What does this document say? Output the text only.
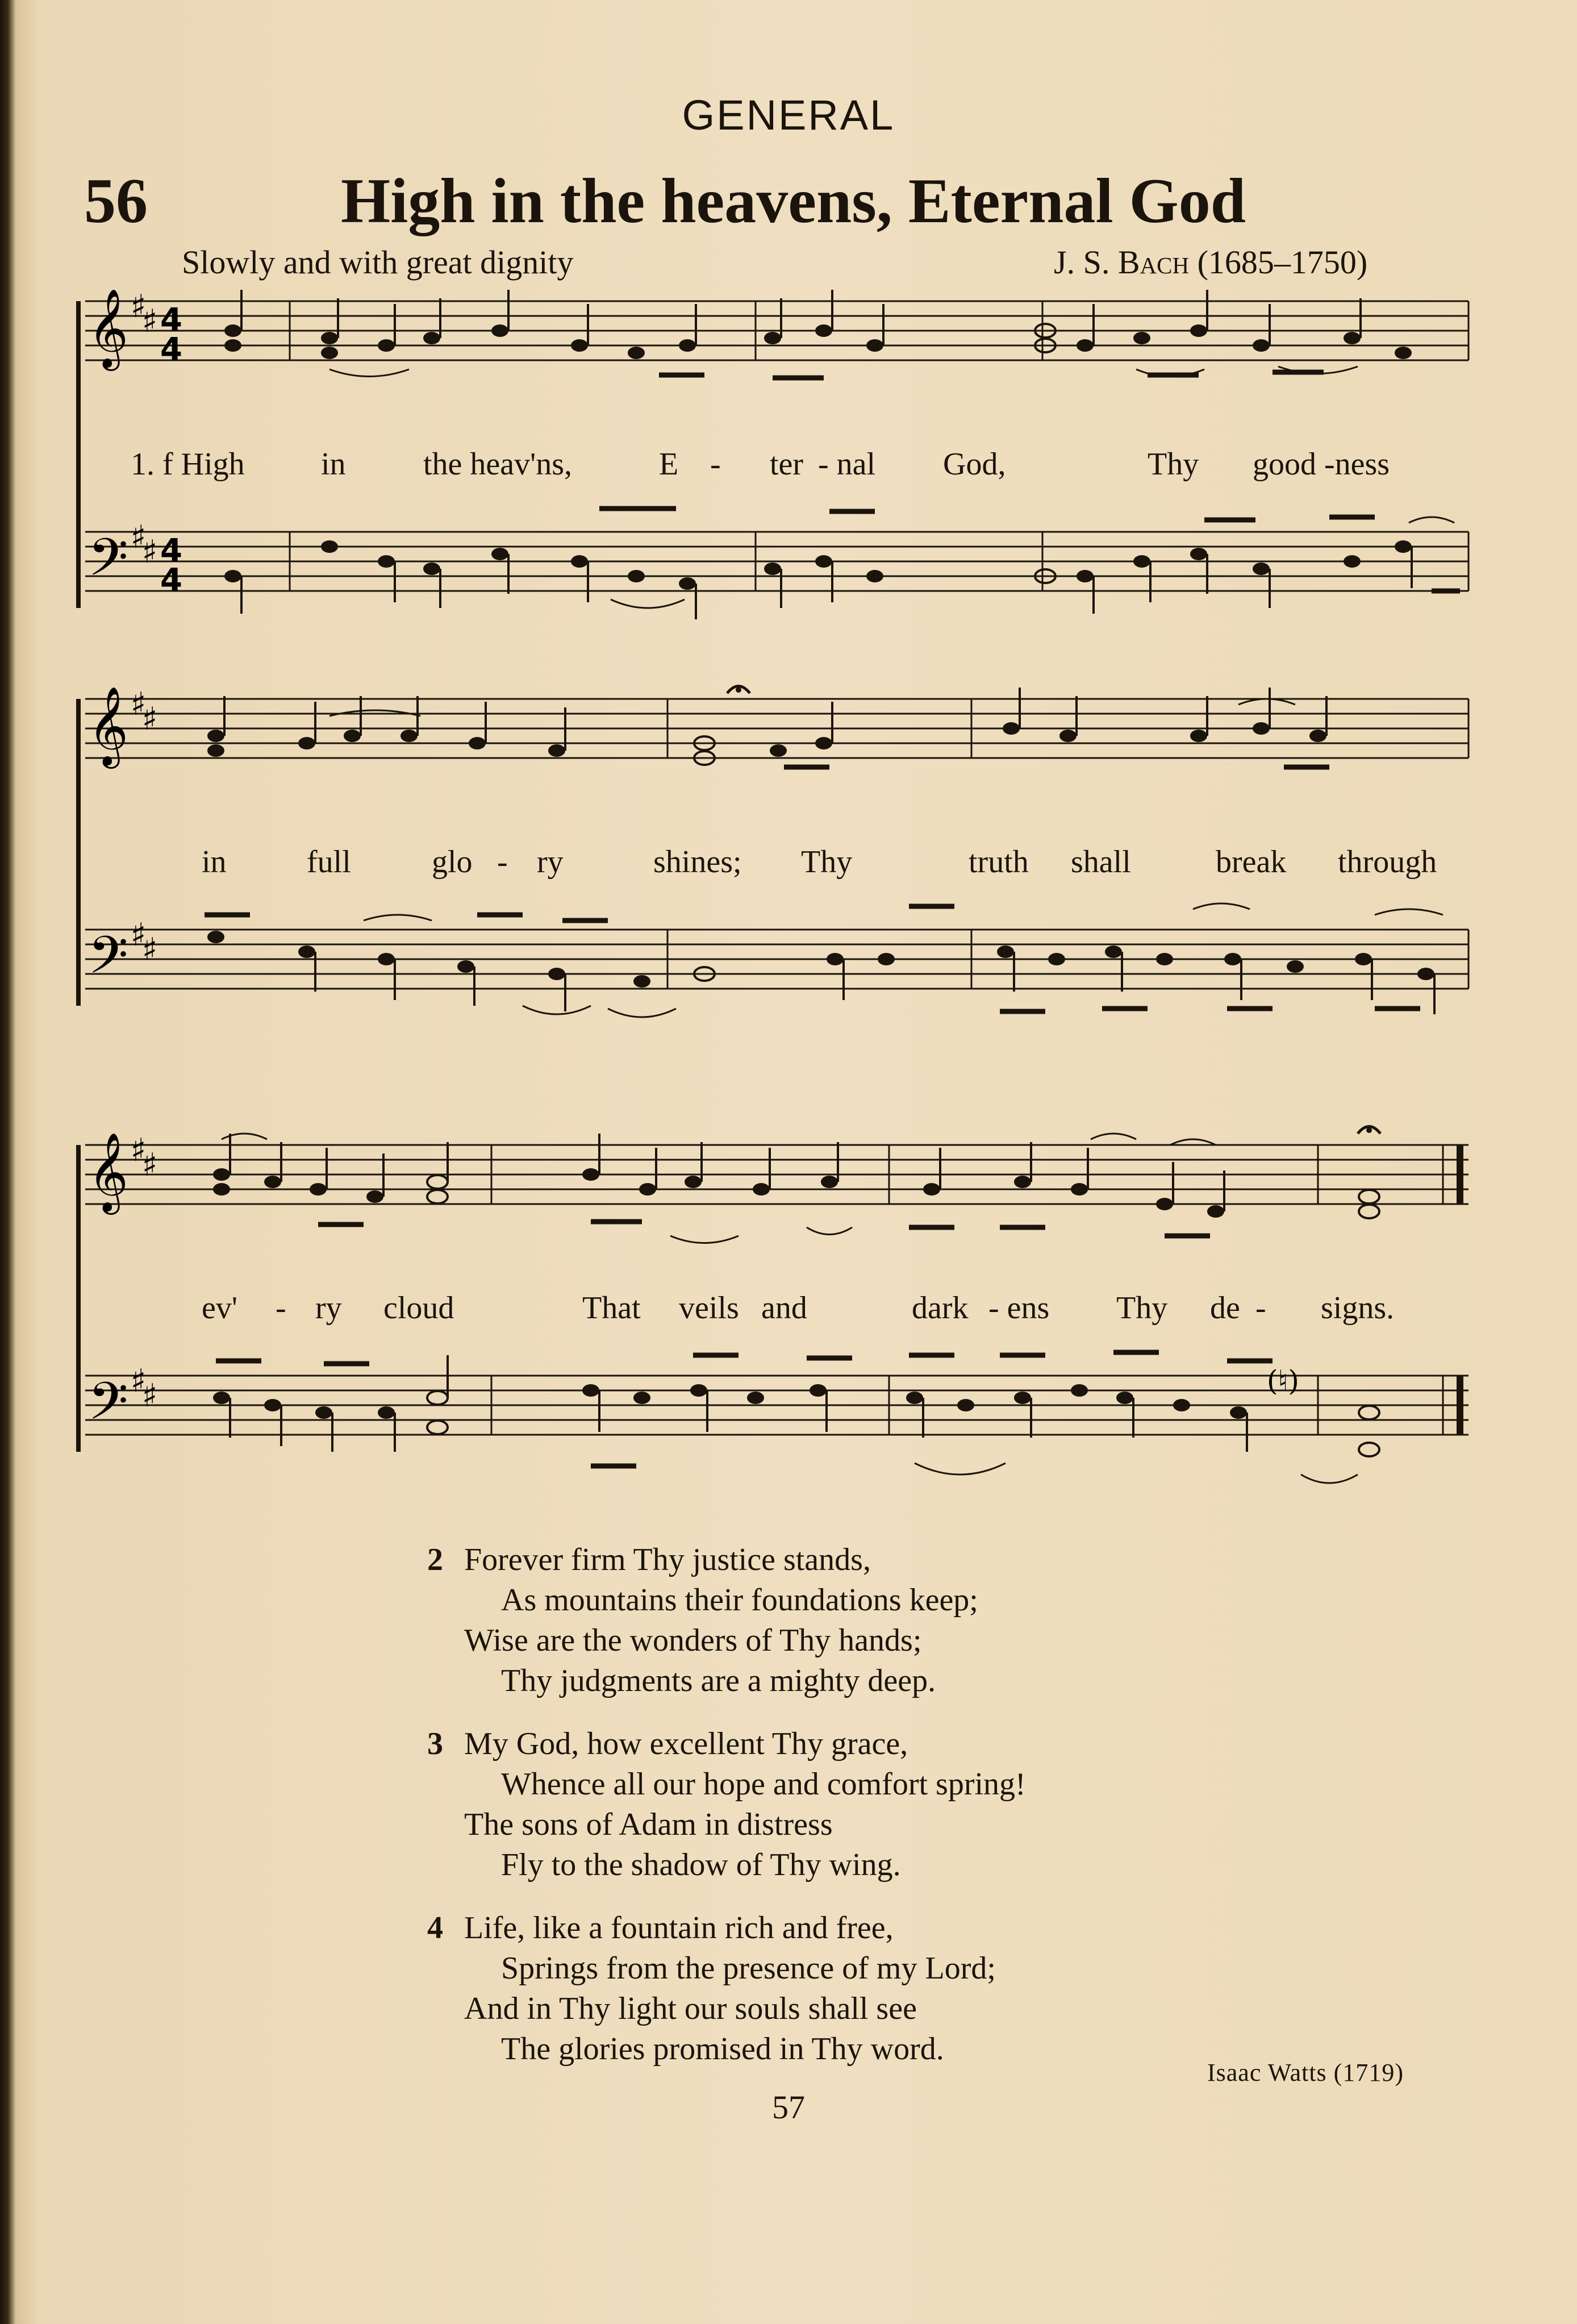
GENERAL
56	High in the heavens, Eternal God
Slowly and with great dignity	J. S. Bach (1685–1750)
𝄞
𝄢
♯
♯
♯
♯
4
4
4
4
1. f High in the heav'ns,	E - ter - nal God,	Thy good -ness
𝄞
𝄢
♯
♯
♯
♯
in	full	glo - ry	shines; Thy	truth shall	break through
𝄞
𝄢
♯
♯
♯
♯	(♮)
ev' - ry cloud	That veils and	dark - ens Thy de - signs.
2 Forever firm Thy justice stands,
As mountains their foundations keep;
Wise are the wonders of Thy hands;
Thy judgments are a mighty deep.
3 My God, how excellent Thy grace,
Whence all our hope and comfort spring!
The sons of Adam in distress
Fly to the shadow of Thy wing.
4 Life, like a fountain rich and free,
Springs from the presence of my Lord;
And in Thy light our souls shall see
The glories promised in Thy word.
Isaac Watts (1719)
57
